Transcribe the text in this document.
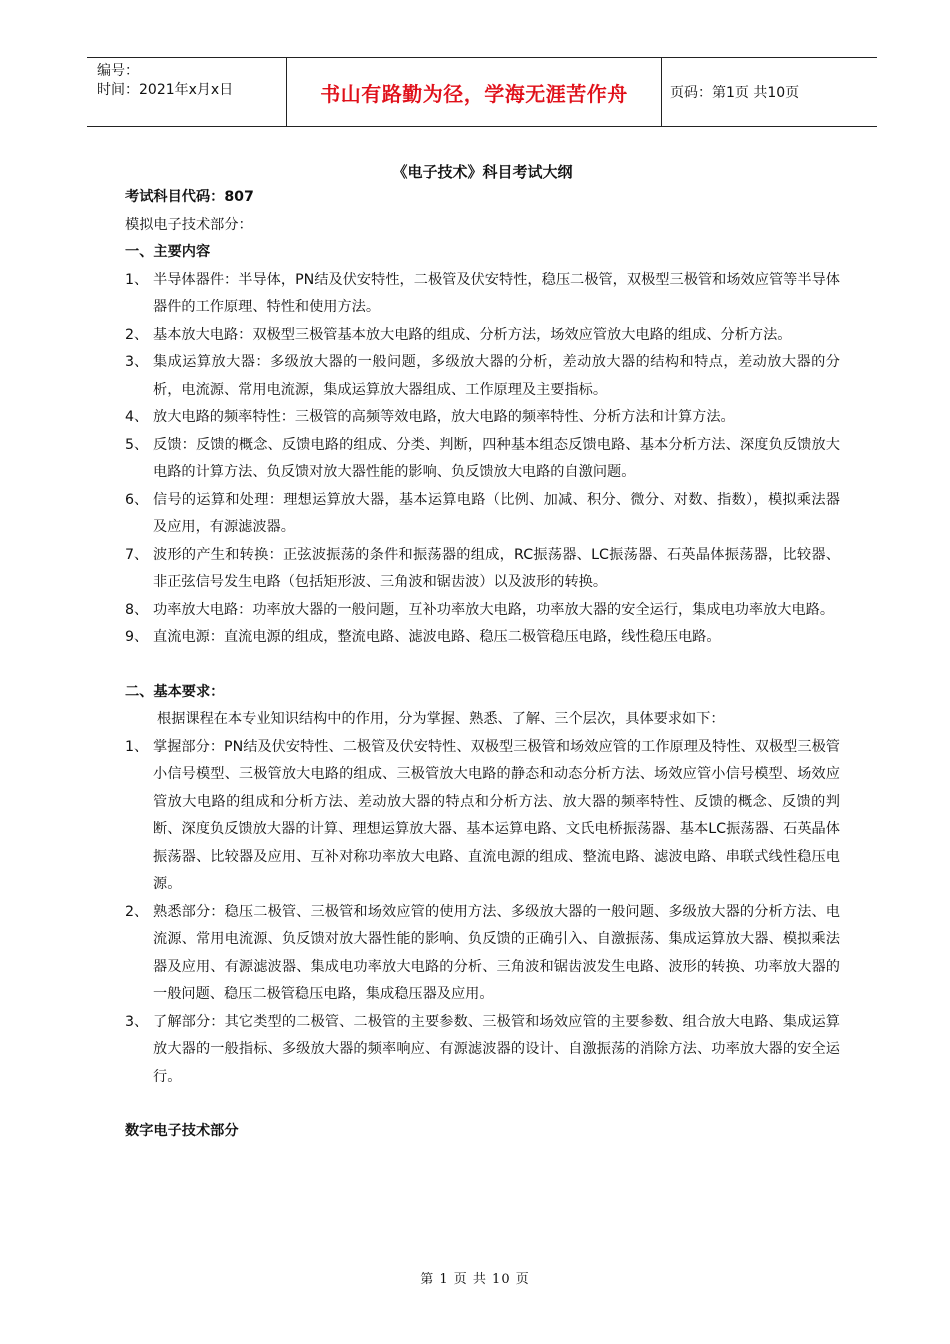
编号：
时间：2021年x月x日	书山有路勤为径，学海无涯苦作舟	页码：第1页 共10页

《电子技术》科目考试大纲

考试科目代码：807

模拟电子技术部分：

一、主要内容

1、 半导体器件：半导体，PN结及伏安特性，二极管及伏安特性，稳压二极管，双极型三极管和场效应管等半导体器件的工作原理、特性和使用方法。

2、 基本放大电路：双极型三极管基本放大电路的组成、分析方法，场效应管放大电路的组成、分析方法。

3、 集成运算放大器：多级放大器的一般问题，多级放大器的分析，差动放大器的结构和特点，差动放大器的分析，电流源、常用电流源，集成运算放大器组成、工作原理及主要指标。

4、 放大电路的频率特性：三极管的高频等效电路，放大电路的频率特性、分析方法和计算方法。

5、 反馈：反馈的概念、反馈电路的组成、分类、判断，四种基本组态反馈电路、基本分析方法、深度负反馈放大电路的计算方法、负反馈对放大器性能的影响、负反馈放大电路的自激问题。

6、 信号的运算和处理：理想运算放大器，基本运算电路（比例、加减、积分、微分、对数、指数），模拟乘法器及应用，有源滤波器。

7、 波形的产生和转换：正弦波振荡的条件和振荡器的组成，RC振荡器、LC振荡器、石英晶体振荡器，比较器、非正弦信号发生电路（包括矩形波、三角波和锯齿波）以及波形的转换。

8、 功率放大电路：功率放大器的一般问题，互补功率放大电路，功率放大器的安全运行，集成电功率放大电路。

9、 直流电源：直流电源的组成，整流电路、滤波电路、稳压二极管稳压电路，线性稳压电路。

二、基本要求：

根据课程在本专业知识结构中的作用，分为掌握、熟悉、了解、三个层次，具体要求如下：

1、 掌握部分：PN结及伏安特性、二极管及伏安特性、双极型三极管和场效应管的工作原理及特性、双极型三极管小信号模型、三极管放大电路的组成、三极管放大电路的静态和动态分析方法、场效应管小信号模型、场效应管放大电路的组成和分析方法、差动放大器的特点和分析方法、放大器的频率特性、反馈的概念、反馈的判断、深度负反馈放大器的计算、理想运算放大器、基本运算电路、文氏电桥振荡器、基本LC振荡器、石英晶体振荡器、比较器及应用、互补对称功率放大电路、直流电源的组成、整流电路、滤波电路、串联式线性稳压电源。

2、 熟悉部分：稳压二极管、三极管和场效应管的使用方法、多级放大器的一般问题、多级放大器的分析方法、电流源、常用电流源、负反馈对放大器性能的影响、负反馈的正确引入、自激振荡、集成运算放大器、模拟乘法器及应用、有源滤波器、集成电功率放大电路的分析、三角波和锯齿波发生电路、波形的转换、功率放大器的一般问题、稳压二极管稳压电路，集成稳压器及应用。

3、 了解部分：其它类型的二极管、二极管的主要参数、三极管和场效应管的主要参数、组合放大电路、集成运算放大器的一般指标、多级放大器的频率响应、有源滤波器的设计、自激振荡的消除方法、功率放大器的安全运行。

数字电子技术部分

第 1 页 共 10 页
